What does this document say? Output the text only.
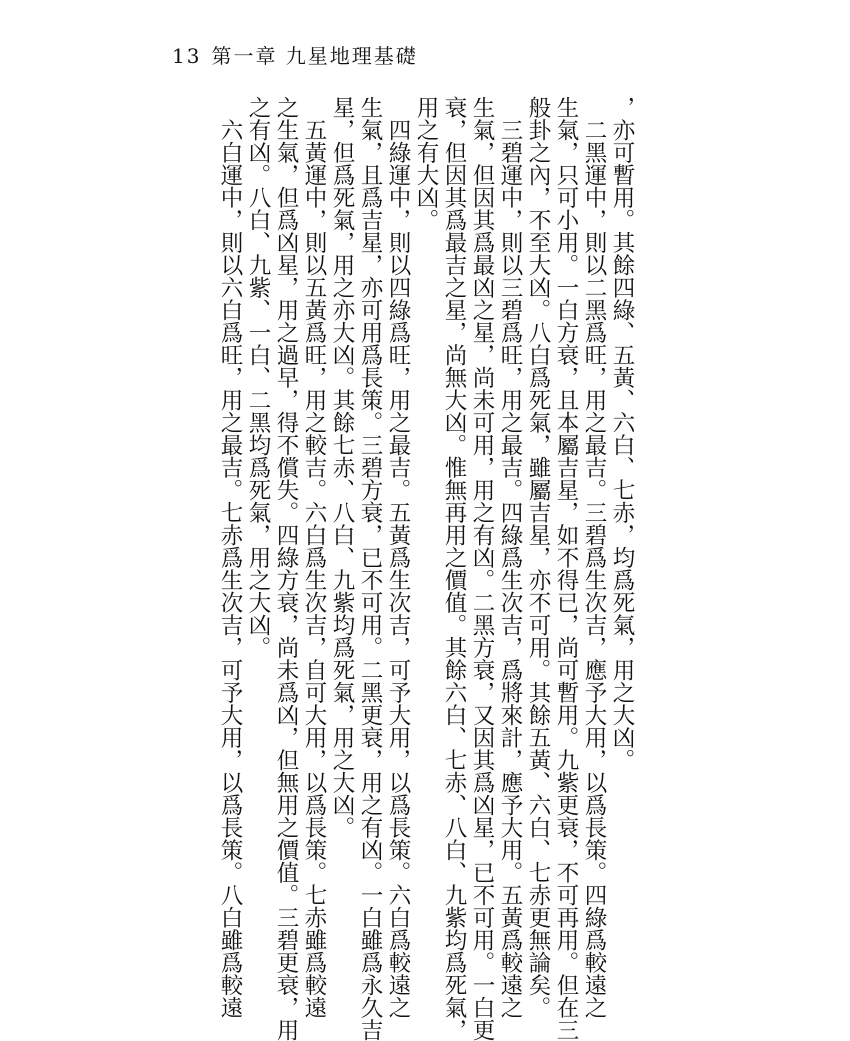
13 第一章 九星地理基礎
，亦可暫用。其餘四綠、五黃、六白、七赤，均爲死氣，用之大凶。
　二黑運中，則以二黑爲旺，用之最吉。三碧爲生次吉，應予大用，以爲長策。四綠爲較遠之
生氣，只可小用。一白方衰，且本屬吉星，如不得已，尚可暫用。九紫更衰，不可再用。但在三
般卦之內，不至大凶。八白爲死氣，雖屬吉星，亦不可用。其餘五黃、六白、七赤更無論矣。
　三碧運中，則以三碧爲旺，用之最吉。四綠爲生次吉，爲將來計，應予大用。五黃爲較遠之
生氣，但因其爲最凶之星，尚未可用，用之有凶。二黑方衰，又因其爲凶星，已不可用。一白更
衰，但因其爲最吉之星，尚無大凶。惟無再用之價值。其餘六白、七赤、八白、九紫均爲死氣，
用之有大凶。
　四綠運中，則以四綠爲旺，用之最吉。五黃爲生次吉，可予大用，以爲長策。六白爲較遠之
生氣，且爲吉星，亦可用爲長策。三碧方衰，已不可用。二黑更衰，用之有凶。一白雖爲永久吉
星，但爲死氣，用之亦大凶。其餘七赤、八白、九紫均爲死氣，用之大凶。
　五黃運中，則以五黃爲旺，用之較吉。六白爲生次吉，自可大用，以爲長策。七赤雖爲較遠
之生氣，但爲凶星，用之過早，得不償失。四綠方衰，尚未爲凶，但無用之價值。三碧更衰，用
之有凶。八白、九紫、一白、二黑均爲死氣，用之大凶。
　六白運中，則以六白爲旺，用之最吉。七赤爲生次吉，可予大用，以爲長策。八白雖爲較遠
